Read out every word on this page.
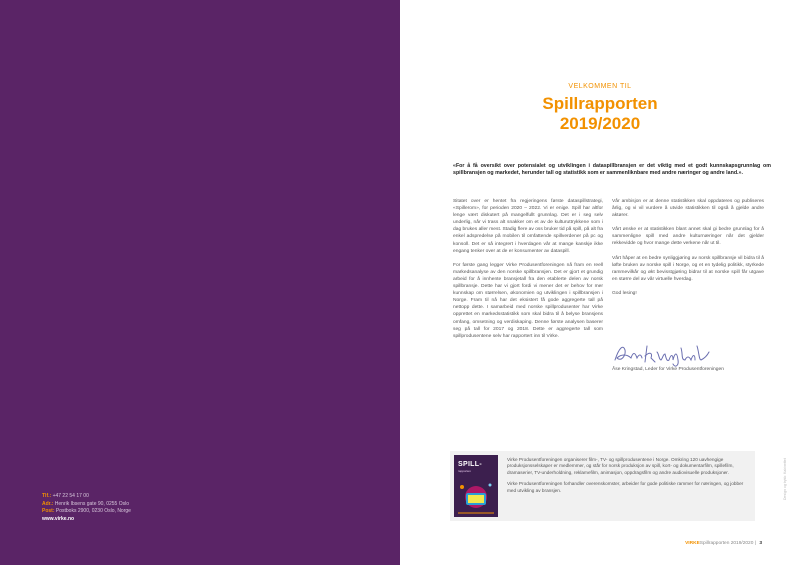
Tlf.: +47 22 54 17 00
Adr.: Henrik Ibsens gate 90, 0255 Oslo
Post: Postboks 2900, 0230 Oslo, Norge
www.virke.no
VELKOMMEN TIL
Spillrapporten
2019/2020
«For å få oversikt over potensialet og utviklingen i dataspillbransjen er det viktig med et godt kunnskapsgrunnlag om spillbransjen og markedet, herunder tall og statistikk som er sammenliknbare med andre næringer og andre land.».

Sitatet over er hentet fra regjeringens første dataspillstrategi, «Spillerom», for perioden 2020 – 2022. Vi er enige. Spill har altfor lenge vært diskutert på mangelfullt grunnlag. Det er i seg selv underlig, når vi trass alt snakker om et av de kulturuttrykkene som i dag brukes aller mest. Stadig flere av oss bruker tid på spill, på alt fra enkel adspredelse på mobilen til omfattende spillverdener på pc og konsoll. Det er så integrert i hverdagen vår at mange kanskje ikke engang tenker over at de er konsumenter av dataspill.

For første gang legger Virke Produsentforeningen nå fram en reell markedsanalyse av den norske spillbransjen. Det er gjort et grundig arbeid for å innhente bransjetall fra den etablerte delen av norsk spillbransje. Dette har vi gjort fordi vi mener det er behov for mer kunnskap om størrelsen, økonomien og utviklingen i spillbransjen i Norge. Fram til nå har det eksistert få gode aggregerte tall på nettopp dette. I samarbeid med norske spillprodusenter har Virke opprettet en markedsstatistikk som skal bidra til å belyse bransjens omfang, omsetning og verdiskaping. Denne første analysen baserer seg på tall for 2017 og 2018. Dette er aggregerte tall som spillprodusentene selv har rapportert inn til Virke.

Vår ambisjon er at denne statistikken skal oppdateres og publiseres årlig, og vi vil vurdere å utvide statistikken til også å gjelde andre aktører.

Vårt ønske er at statistikken blant annet skal gi bedre grunnlag for å sammenligne spill med andre kulturnæringer når det gjelder rekkevidde og hvor mange dette verkene når ut til.

Vårt håper at en bedre synliggjøring av norsk spillbransje vil bidra til å løfte bruken av norske spill i Norge, og et en tydelig politikk, styrkede rammevilkår og økt bevisstgjøring bidrar til at norske spill får utgave en større del av vår virtuelle hverdag.

God lesing!

Åse Kringstad, Leder for Virke Produsentforeningen
SPILL-
rapporten

Virke Produsentforeningen organiserer film-, TV- og spillprodusentene i Norge. Omkring 120 uavhengige produksjonsselskaper er medlemmer, og står for norsk produksjon av spill, kort- og dokumentarfilm, spillefilm, dramaserier, TV-underholdning, reklamefilm, animasjon, oppdragsfilm og andre audiovisuelle produksjoner.

Virke Produsentforeningen forhandler overenskomster, arbeider for gode politiske rammer for næringen, og jobber med utvikling av bransjen.	Design og trykk: Kabinettet
VIRKESpillrapporten 2019/2020 | 3
